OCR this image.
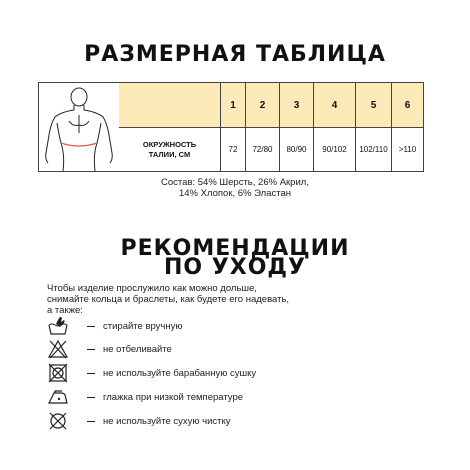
РАЗМЕРНАЯ ТАБЛИЦА
1	2	3	4	5	6
ОКРУЖНОСТЬ
ТАЛИИ, СМ	72	72/80	80/90	90/102	102/110	>110
Состав: 54% Шерсть, 26% Акрил,
14% Хлопок, 6% Эластан
РЕКОМЕНДАЦИИ
ПО УХОДУ
Чтобы изделие прослужило как можно дольше,
снимайте кольца и браслеты, как будете его надевать,
а также:
стирайте вручную
не отбеливайте
не используйте барабанную сушку
глажка при низкой температуре
не используйте сухую чистку
